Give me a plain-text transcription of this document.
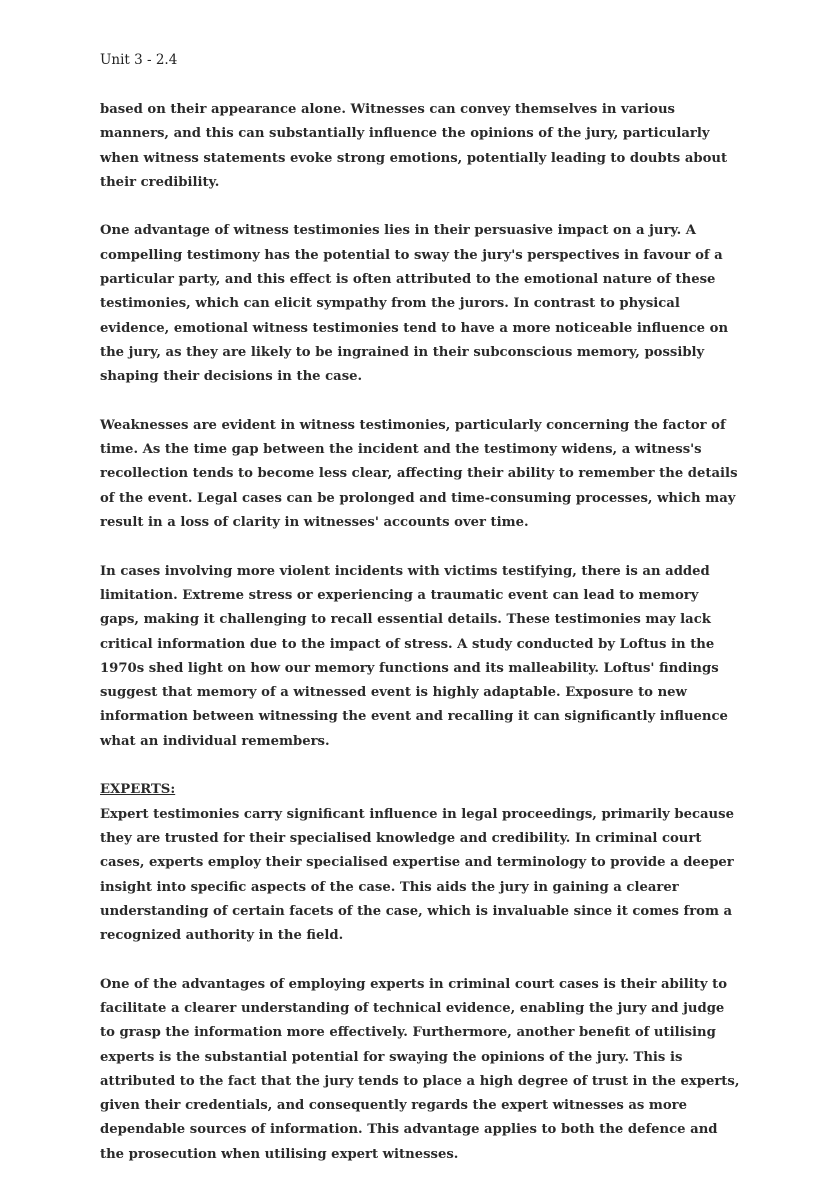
Unit 3 - 2.4

based on their appearance alone. Witnesses can convey themselves in various manners, and this can substantially influence the opinions of the jury, particularly when witness statements evoke strong emotions, potentially leading to doubts about their credibility.

One advantage of witness testimonies lies in their persuasive impact on a jury. A compelling testimony has the potential to sway the jury's perspectives in favour of a particular party, and this effect is often attributed to the emotional nature of these testimonies, which can elicit sympathy from the jurors. In contrast to physical evidence, emotional witness testimonies tend to have a more noticeable influence on the jury, as they are likely to be ingrained in their subconscious memory, possibly shaping their decisions in the case.

Weaknesses are evident in witness testimonies, particularly concerning the factor of time. As the time gap between the incident and the testimony widens, a witness's recollection tends to become less clear, affecting their ability to remember the details of the event. Legal cases can be prolonged and time-consuming processes, which may result in a loss of clarity in witnesses' accounts over time.

In cases involving more violent incidents with victims testifying, there is an added limitation. Extreme stress or experiencing a traumatic event can lead to memory gaps, making it challenging to recall essential details. These testimonies may lack critical information due to the impact of stress. A study conducted by Loftus in the 1970s shed light on how our memory functions and its malleability. Loftus' findings suggest that memory of a witnessed event is highly adaptable. Exposure to new information between witnessing the event and recalling it can significantly influence what an individual remembers.

EXPERTS:

Expert testimonies carry significant influence in legal proceedings, primarily because they are trusted for their specialised knowledge and credibility. In criminal court cases, experts employ their specialised expertise and terminology to provide a deeper insight into specific aspects of the case. This aids the jury in gaining a clearer understanding of certain facets of the case, which is invaluable since it comes from a recognized authority in the field.

One of the advantages of employing experts in criminal court cases is their ability to facilitate a clearer understanding of technical evidence, enabling the jury and judge to grasp the information more effectively. Furthermore, another benefit of utilising experts is the substantial potential for swaying the opinions of the jury. This is attributed to the fact that the jury tends to place a high degree of trust in the experts, given their credentials, and consequently regards the expert witnesses as more dependable sources of information. This advantage applies to both the defence and the prosecution when utilising expert witnesses.
